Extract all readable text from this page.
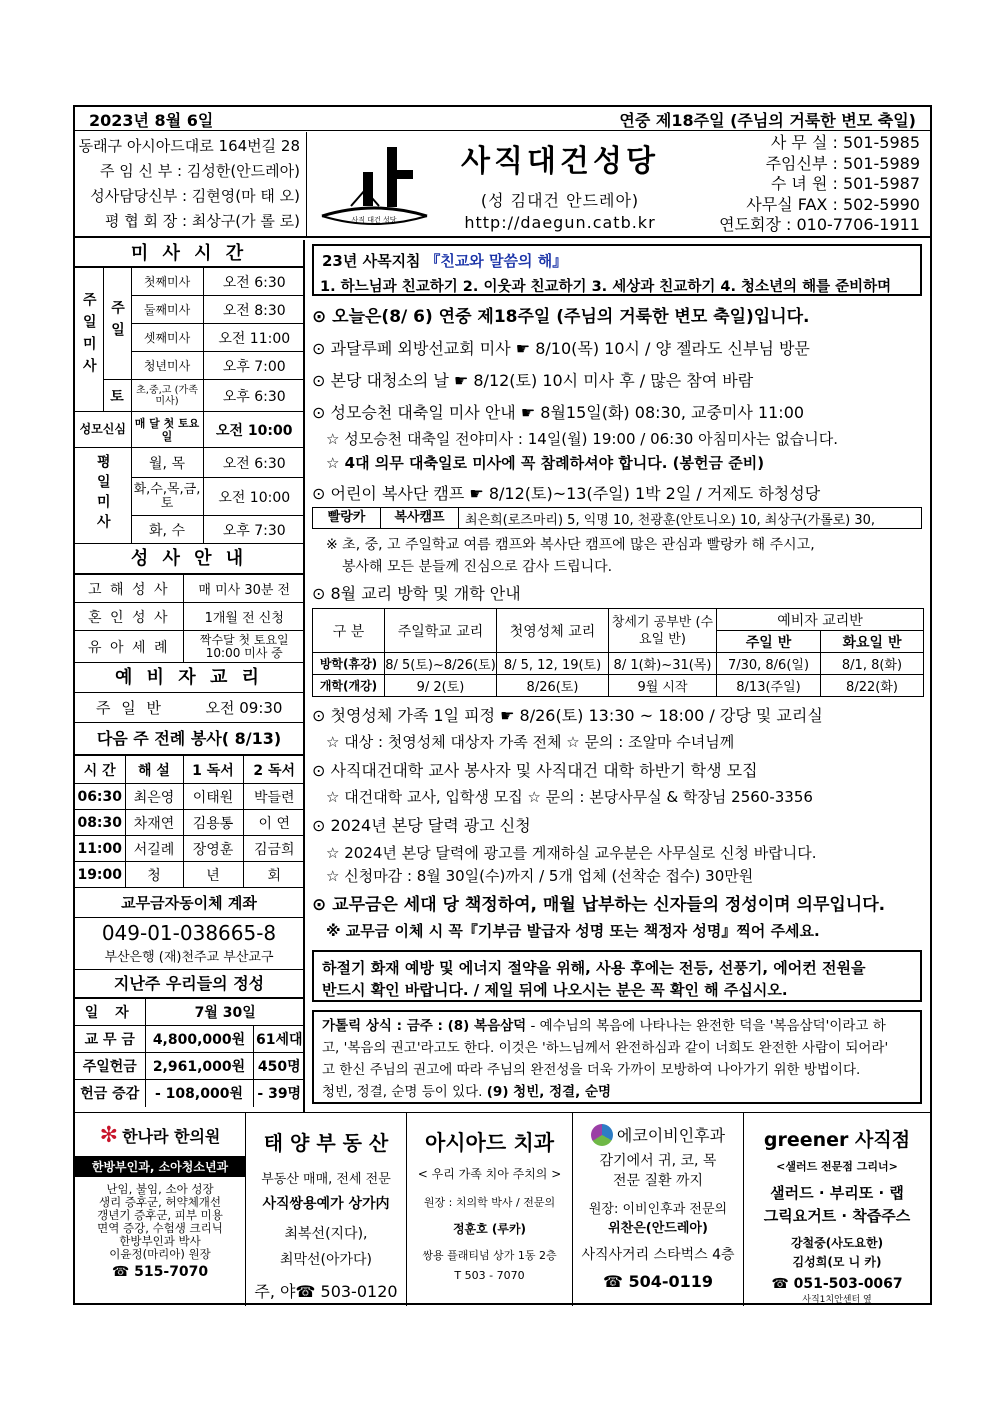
2023년 8월 6일	연중 제18주일 (주님의 거룩한 변모 축일)
동래구 아시아드대로 164번길 28
주 임 신 부 : 김성한(안드레아)
성사담당신부 : 김현영(마 태 오)
평 협 회 장 : 최상구(가 롤 로)	사직 대건 성당
사직대건성당
(성 김대건 안드레아)
http://daegun.catb.kr
사 무 실 : 501-5985
주임신부 : 501-5989
수 녀 원 : 501-5987
사무실 FAX : 502-5990
연도회장 : 010-7706-1911
미 사 시 간
주일미사	주일	첫째미사	오전 6:30
		둘째미사	오전 8:30
		셋째미사	오전 11:00
		청년미사	오후 7:00
	토	초,중,고 (가족미사)	오후 6:30
성모신심		매 달 첫 토요일	오전 10:00
평일미사		월, 목	오전 6:30
		화,수,목,금, 토	오전 10:00
		화, 수	오후 7:30
성 사 안 내
고 해 성 사	매 미사 30분 전
혼 인 성 사	1개월 전 신청
유 아 세 례	짝수달 첫 토요일 10:00 미사 중
예 비 자 교 리
주 일 반	오전 09:30
다음 주 전례 봉사( 8/13)
시 간	해 설	1 독서	2 독서
06:30	최은영	이태원	박들련
08:30	차재연	김용통	이 연
11:00	서길례	장영훈	김금희
19:00	청	년	회
교무금자동이체 계좌
049-01-038665-8
부산은행 (재)천주교 부산교구
지난주 우리들의 정성
일 자	7월 30일	
교 무 금	4,800,000원	61세대
주일헌금	2,961,000원	450명
헌금 증감	- 108,000원	- 39명
23년 사목지침 『친교와 말씀의 해』
1. 하느님과 친교하기 2. 이웃과 친교하기 3. 세상과 친교하기 4. 청소년의 해를 준비하며
⊙ 오늘은(8/ 6) 연중 제18주일 (주님의 거룩한 변모 축일)입니다.
⊙ 과달루페 외방선교회 미사 ☛ 8/10(목) 10시 / 양 젤라도 신부님 방문
⊙ 본당 대청소의 날 ☛ 8/12(토) 10시 미사 후 / 많은 참여 바람
⊙ 성모승천 대축일 미사 안내 ☛ 8월15일(화) 08:30, 교중미사 11:00
☆ 성모승천 대축일 전야미사 : 14일(월) 19:00 / 06:30 아침미사는 없습니다.
☆ 4대 의무 대축일로 미사에 꼭 참례하셔야 합니다. (봉헌금 준비)
⊙ 어린이 복사단 캠프 ☛ 8/12(토)~13(주일) 1박 2일 / 거제도 하청성당
빨랑카	복사캠프	최은희(로즈마리) 5, 익명 10, 천광훈(안토니오) 10, 최상구(가롤로) 30,
※ 초, 중, 고 주일학교 여름 캠프와 복사단 캠프에 많은 관심과 빨랑카 해 주시고,
봉사해 모든 분들께 진심으로 감사 드립니다.
⊙ 8월 교리 방학 및 개학 안내
구 분	주일학교 교리	첫영성체 교리	창세기 공부반 (수요일 반)	예비자 교리반	
				주일 반	화요일 반
방학(휴강)	8/ 5(토)~8/26(토)	8/ 5, 12, 19(토)	8/ 1(화)~31(목)	7/30, 8/6(일)	8/1, 8(화)
개학(개강)	9/ 2(토)	8/26(토)	9월 시작	8/13(주일)	8/22(화)
⊙ 첫영성체 가족 1일 피정 ☛ 8/26(토) 13:30 ~ 18:00 / 강당 및 교리실
☆ 대상 : 첫영성체 대상자 가족 전체 ☆ 문의 : 조알마 수녀님께
⊙ 사직대건대학 교사 봉사자 및 사직대건 대학 하반기 학생 모집
☆ 대건대학 교사, 입학생 모집 ☆ 문의 : 본당사무실 & 학장님 2560-3356
⊙ 2024년 본당 달력 광고 신청
☆ 2024년 본당 달력에 광고를 게재하실 교우분은 사무실로 신청 바랍니다.
☆ 신청마감 : 8월 30일(수)까지 / 5개 업체 (선착순 접수) 30만원
⊙ 교무금은 세대 당 책정하여, 매월 납부하는 신자들의 정성이며 의무입니다.
※ 교무금 이체 시 꼭『기부금 발급자 성명 또는 책정자 성명』찍어 주세요.
하절기 화재 예방 및 에너지 절약을 위해, 사용 후에는 전등, 선풍기, 에어컨 전원을
반드시 확인 바랍니다. / 제일 뒤에 나오시는 분은 꼭 확인 해 주십시오.
가톨릭 상식 : 금주 : (8) 복음삼덕 - 예수님의 복음에 나타나는 완전한 덕을 '복음삼덕'이라고 하
고, '복음의 권고'라고도 한다. 이것은 '하느님께서 완전하심과 같이 너희도 완전한 사람이 되어라'
고 한신 주님의 권고에 따라 주님의 완전성을 더욱 가까이 모방하여 나아가기 위한 방법이다.
청빈, 정결, 순명 등이 있다. (9) 청빈, 정결, 순명
✻ 한나라 한의원
한방부인과, 소아청소년과
난임, 불임, 소아 성장
생리 증후군, 허약체개선
갱년기 증후군, 피부 미용
면역 증강, 수험생 크리닉
한방부인과 박사
이윤정(마리아) 원장
☎ 515-7070
태 양 부 동 산
부동산 매매, 전세 전문
사직쌍용예가 상가内
최복선(지다),
최막선(아가다)
주, 야☎ 503-0120
아시아드 치과
< 우리 가족 치아 주치의 >
원장 : 치의학 박사 / 전문의
정훈호 (루카)
쌍용 플래티넘 상가 1동 2층
T 503 - 7070
에코이비인후과
감기에서 귀, 코, 목
전문 질환 까지
원장: 이비인후과 전문의
위찬은(안드레아)
사직사거리 스타벅스 4층
☎ 504-0119
greener 사직점
<샐러드 전문점 그리너>
샐러드 · 부리또 · 랩
그릭요거트 · 착즙주스
강철중(사도요한)
김성희(모 니 카)
☎ 051-503-0067
사직1치안센터 옆
